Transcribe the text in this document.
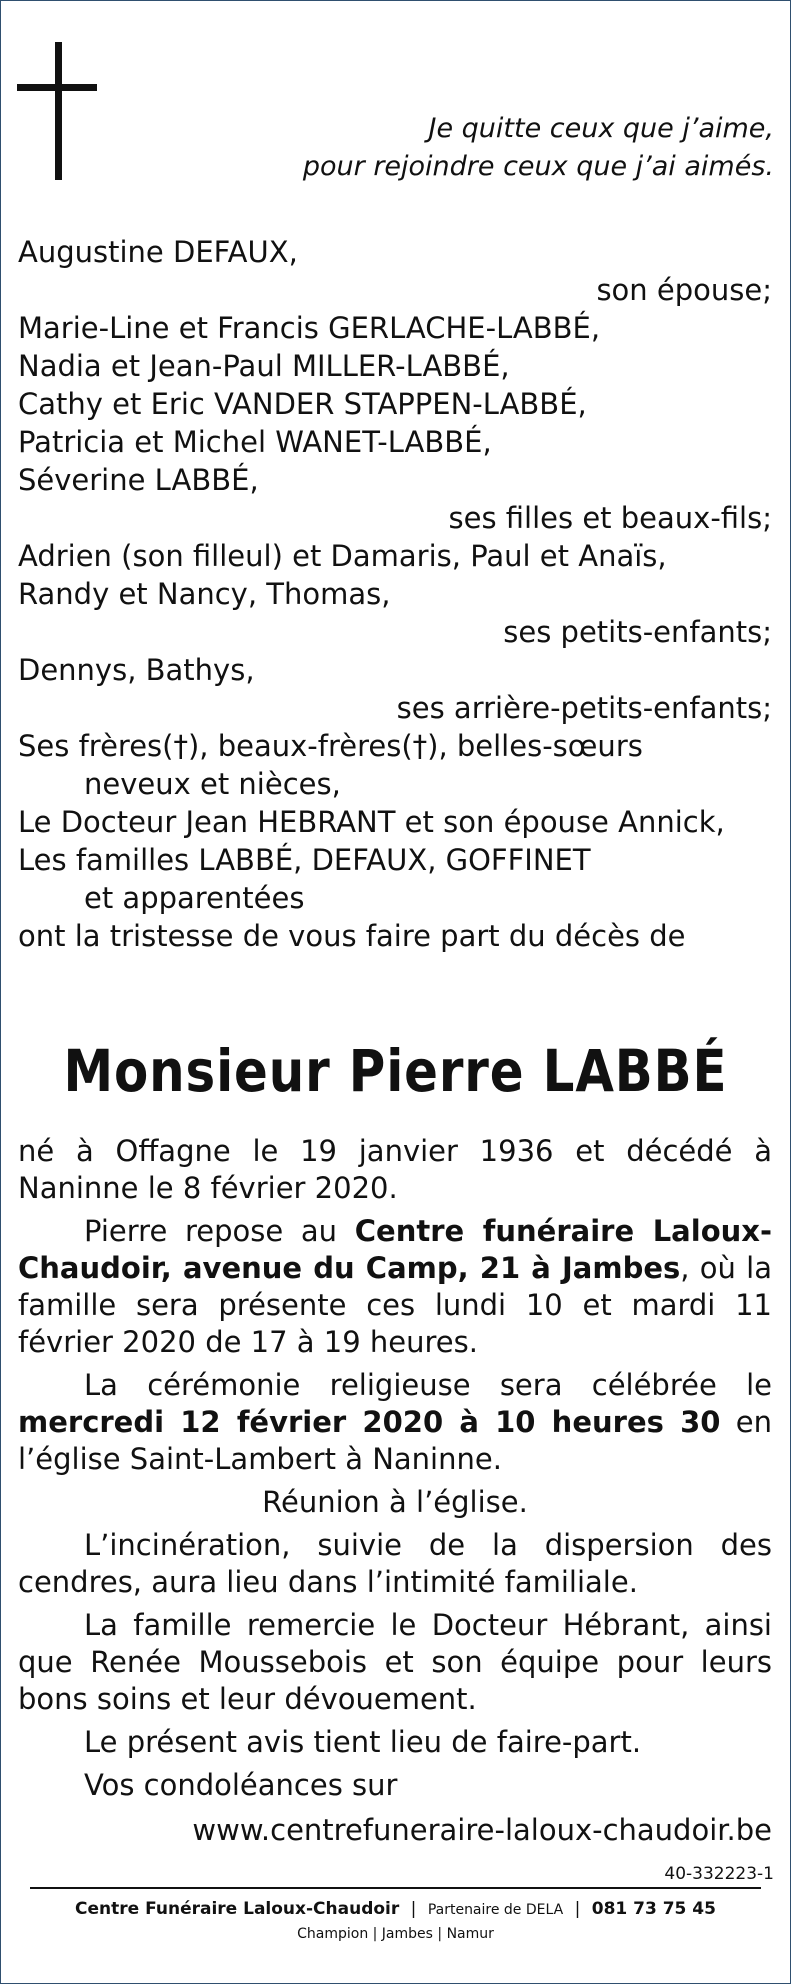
Je quitte ceux que j’aime,
pour rejoindre ceux que j’ai aimés.
Augustine DEFAUX,
son épouse;
Marie-Line et Francis GERLACHE-LABBÉ,
Nadia et Jean-Paul MILLER-LABBÉ,
Cathy et Eric VANDER STAPPEN-LABBÉ,
Patricia et Michel WANET-LABBÉ,
Séverine LABBÉ,
ses filles et beaux-fils;
Adrien (son filleul) et Damaris, Paul et Anaïs,
Randy et Nancy, Thomas,
ses petits-enfants;
Dennys, Bathys,
ses arrière-petits-enfants;
Ses frères(†), beaux-frères(†), belles-sœurs
neveux et nièces,
Le Docteur Jean HEBRANT et son épouse Annick,
Les familles LABBÉ, DEFAUX, GOFFINET
et apparentées
ont la tristesse de vous faire part du décès de
Monsieur Pierre LABBÉ

né à Offagne le 19 janvier 1936 et décédé à Naninne le 8 février 2020.

Pierre repose au Centre funéraire Laloux-Chaudoir, avenue du Camp, 21 à Jambes, où la famille sera présente ces lundi 10 et mardi 11 février 2020 de 17 à 19 heures.

La cérémonie religieuse sera célébrée le mercredi 12 février 2020 à 10 heures 30 en l’église Saint-Lambert à Naninne.

Réunion à l’église.

L’incinération, suivie de la dispersion des cendres, aura lieu dans l’intimité familiale.

La famille remercie le Docteur Hébrant, ainsi que Renée Moussebois et son équipe pour leurs bons soins et leur dévouement.

Le présent avis tient lieu de faire-part.

Vos condoléances sur

www.centrefuneraire-laloux-chaudoir.be

40-332223-1
Centre Funéraire Laloux-Chaudoir | Partenaire de DELA | 081 73 75 45
Champion | Jambes | Namur
